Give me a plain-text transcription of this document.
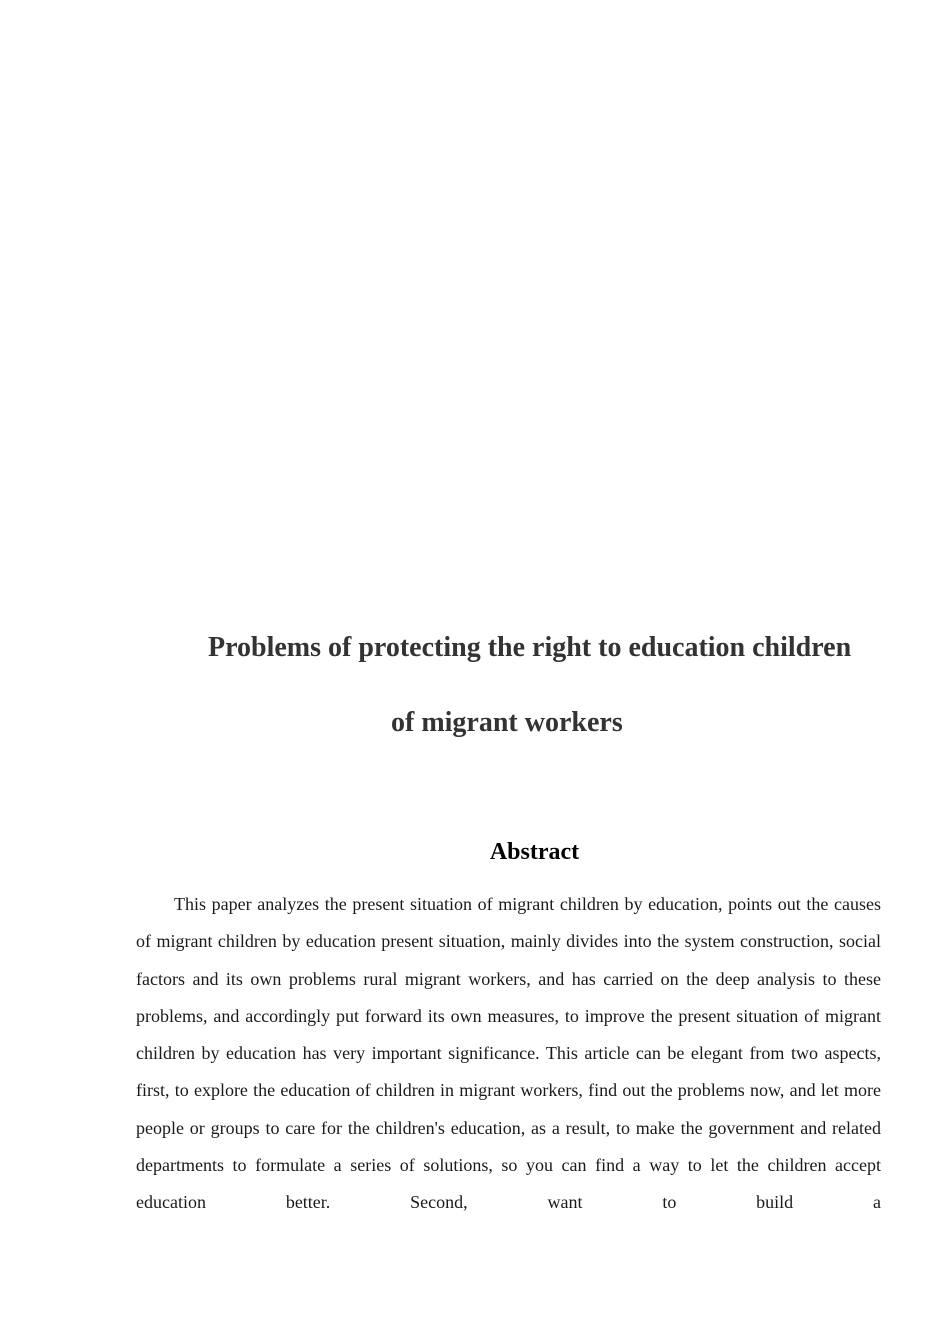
Problems of protecting the right to education children
of migrant workers
Abstract

This paper analyzes the present situation of migrant children by education, points out the causes of migrant children by education present situation, mainly divides into the system construction, social factors and its own problems rural migrant workers, and has carried on the deep analysis to these problems, and accordingly put forward its own measures, to improve the present situation of migrant children by education has very important significance. This article can be elegant from two aspects, first, to explore the education of children in migrant workers, find out the problems now, and let more people or groups to care for the children's education, as a result, to make the government and related departments to formulate a series of solutions, so you can find a way to let the children accept education better. Second, want to build a
